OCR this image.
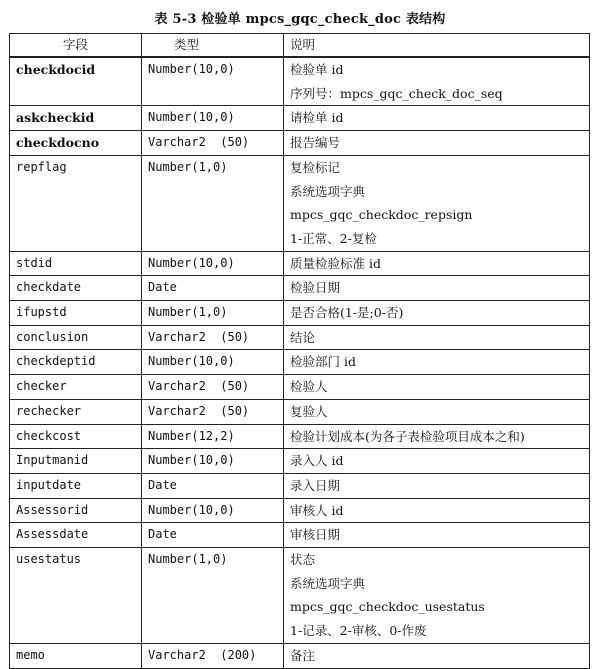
表 5-3 检验单 mpcs_gqc_check_doc 表结构
字段	类型	说明
checkdocid	Number(10,0)	检验单 id
序列号：mpcs_gqc_check_doc_seq

askcheckid	Number(10,0)	请检单 id

checkdocno	Varchar2  (50)	报告编号

repflag	Number(1,0)	复检标记
系统选项字典
mpcs_gqc_checkdoc_repsign
1-正常、2-复检

stdid	Number(10,0)	质量检验标准 id

checkdate	Date	检验日期

ifupstd	Number(1,0)	是否合格(1-是;0-否)

conclusion	Varchar2  (50)	结论

checkdeptid	Number(10,0)	检验部门 id

checker	Varchar2  (50)	检验人

rechecker	Varchar2  (50)	复验人

checkcost	Number(12,2)	检验计划成本(为各子表检验项目成本之和)

Inputmanid	Number(10,0)	录入人 id

inputdate	Date	录入日期

Assessorid	Number(10,0)	审核人 id

Assessdate	Date	审核日期

usestatus	Number(1,0)	状态
系统选项字典
mpcs_gqc_checkdoc_usestatus
1-记录、2-审核、0-作废

memo	Varchar2  (200)	备注
